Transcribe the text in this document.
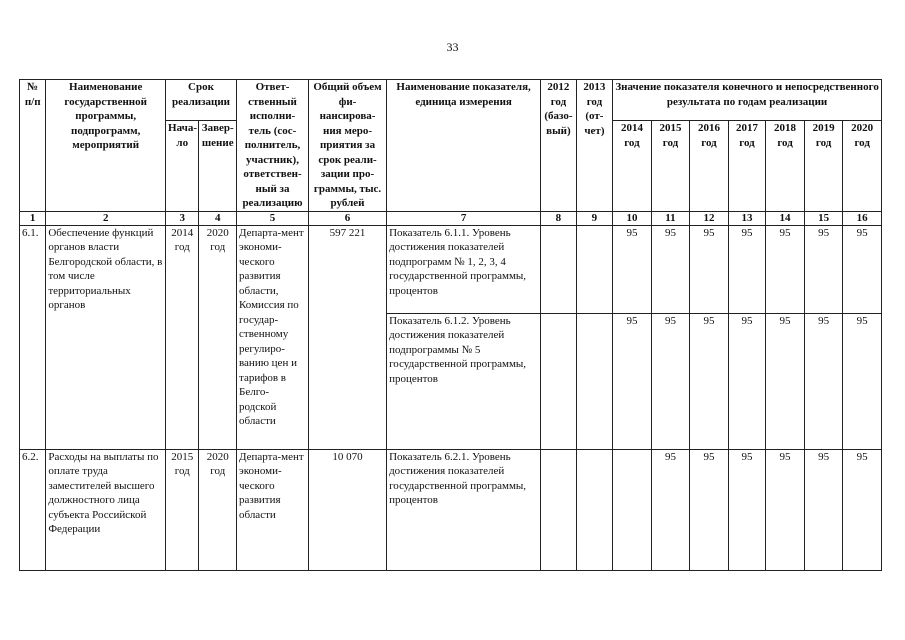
33
№ п/п	Наименование государственной программы, подпрограмм, мероприятий	Срок реализации		Ответ-ственный исполни-тель (сос-полнитель, участник), ответствен-ный за реализацию	Общий объем фи-нансирова-ния меро-приятия за срок реали-зации про-граммы, тыс. рублей	Наименование показателя, единица измерения	2012 год (базо-вый)	2013 год (от-чет)	Значение показателя конечного и непосредственного результата по годам реализации						
		Нача-ло	Завер-шение						2014 год	2015 год	2016 год	2017 год	2018 год	2019 год	2020 год
1	2	3	4	5	6	7	8	9	10	11	12	13	14	15	16
6.1.	Обеспечение функций органов власти Белгородской области, в том числе территориальных органов	2014 год	2020 год	Департа-мент экономи-ческого развития области, Комиссия по государ-ственному регулиро-ванию цен и тарифов в Белго-родской области	597 221	Показатель 6.1.1. Уровень достижения показателей подпрограмм № 1, 2, 3, 4 государственной программы, процентов			95	95	95	95	95	95	95
						Показатель 6.1.2. Уровень достижения показателей подпрограммы № 5 государственной программы, процентов			95	95	95	95	95	95	95
6.2.	Расходы на выплаты по оплате труда заместителей высшего должностного лица субъекта Российской Федерации	2015 год	2020 год	Департа-мент экономи-ческого развития области	10 070	Показатель 6.2.1. Уровень достижения показателей государственной программы, процентов				95	95	95	95	95	95
